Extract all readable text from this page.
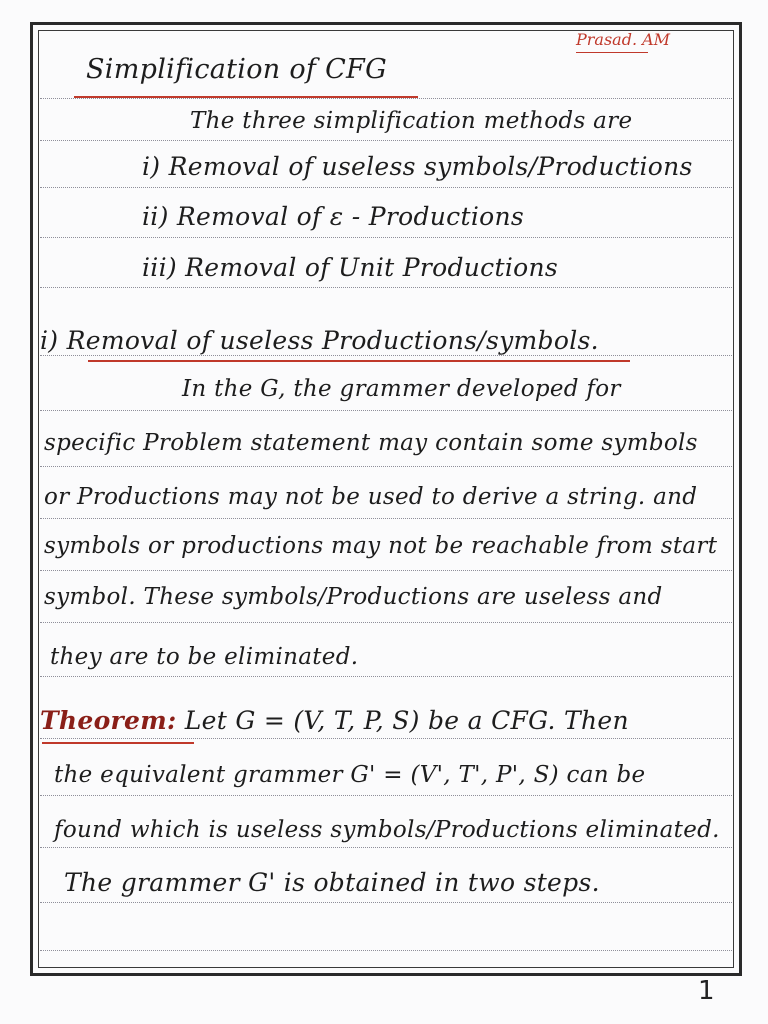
Prasad. AM
Simplification of CFG
The three simplification methods are
i) Removal of useless symbols/Productions
ii) Removal of ε - Productions
iii) Removal of Unit Productions
i) Removal of useless Productions/symbols.
In the G, the grammer developed for
specific Problem statement may contain some symbols
or Productions may not be used to derive a string. and
symbols or productions may not be reachable from start
symbol. These symbols/Productions are useless and
they are to be eliminated.
Theorem: Let G = (V, T, P, S) be a CFG. Then
the equivalent grammer G' = (V', T', P', S) can be
found which is useless symbols/Productions eliminated.
The grammer G' is obtained in two steps.
1
